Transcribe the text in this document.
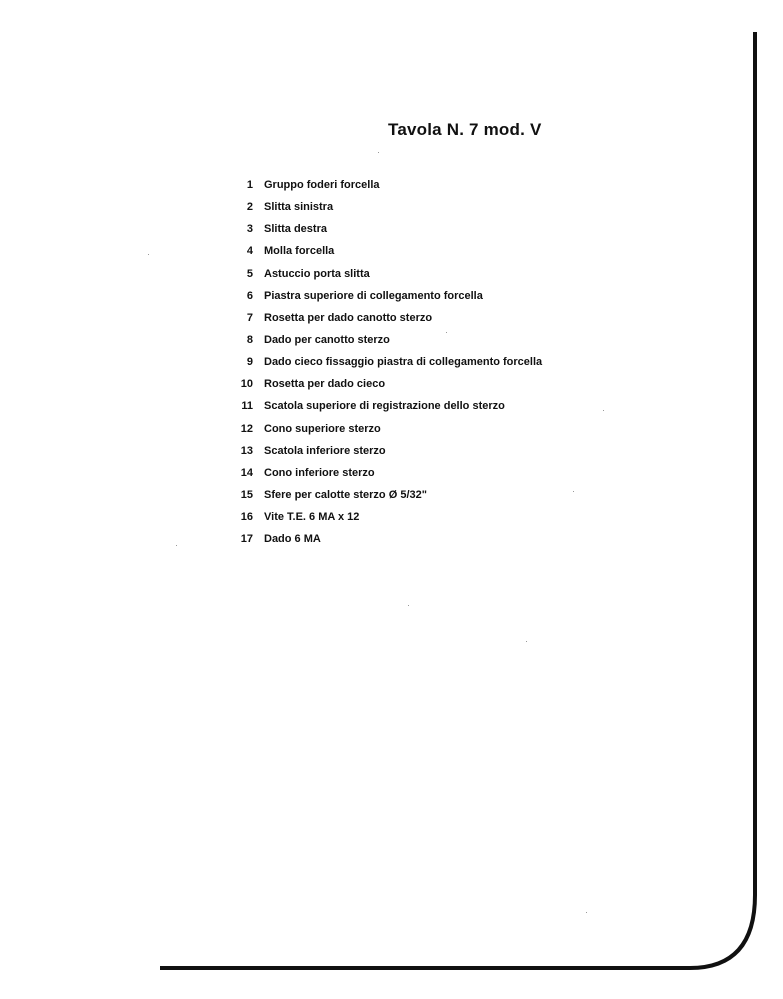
Tavola N. 7 mod. V
1 Gruppo foderi forcella
2 Slitta sinistra
3 Slitta destra
4 Molla forcella
5 Astuccio porta slitta
6 Piastra superiore di collegamento forcella
7 Rosetta per dado canotto sterzo
8 Dado per canotto sterzo
9 Dado cieco fissaggio piastra di collegamento forcella
10 Rosetta per dado cieco
11 Scatola superiore di registrazione dello sterzo
12 Cono superiore sterzo
13 Scatola inferiore sterzo
14 Cono inferiore sterzo
15 Sfere per calotte sterzo Ø 5/32"
16 Vite T.E. 6 MA x 12
17 Dado 6 MA
